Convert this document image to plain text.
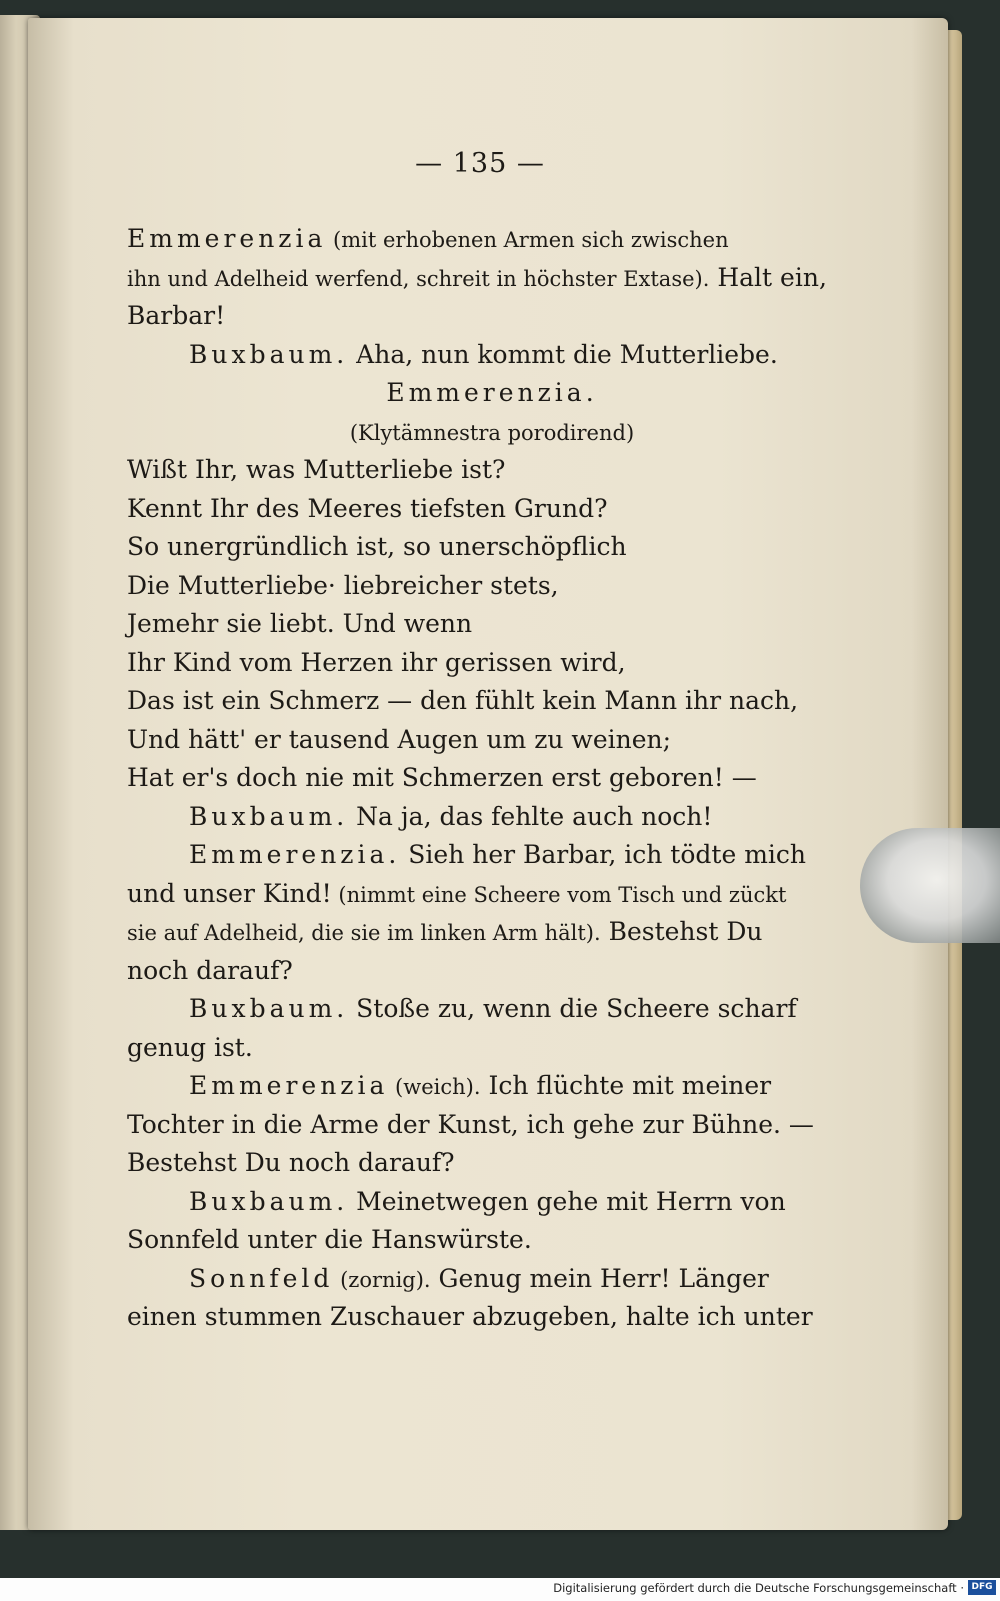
— 135 —
Emmerenzia (mit erhobenen Armen sich zwischen
ihn und Adelheid werfend, schreit in höchster Extase). Halt ein,
Barbar!
Buxbaum. Aha, nun kommt die Mutterliebe.
Emmerenzia.
(Klytämnestra porodirend)
Wißt Ihr, was Mutterliebe ist?
Kennt Ihr des Meeres tiefsten Grund?
So unergründlich ist, so unerschöpflich
Die Mutterliebe· liebreicher stets,
Jemehr sie liebt. Und wenn
Ihr Kind vom Herzen ihr gerissen wird,
Das ist ein Schmerz — den fühlt kein Mann ihr nach,
Und hätt' er tausend Augen um zu weinen;
Hat er's doch nie mit Schmerzen erst geboren! —
Buxbaum. Na ja, das fehlte auch noch!
Emmerenzia. Sieh her Barbar, ich tödte mich
und unser Kind! (nimmt eine Scheere vom Tisch und zückt
sie auf Adelheid, die sie im linken Arm hält). Bestehst Du
noch darauf?
Buxbaum. Stoße zu, wenn die Scheere scharf
genug ist.
Emmerenzia (weich). Ich flüchte mit meiner
Tochter in die Arme der Kunst, ich gehe zur Bühne. —
Bestehst Du noch darauf?
Buxbaum. Meinetwegen gehe mit Herrn von
Sonnfeld unter die Hanswürste.
Sonnfeld (zornig). Genug mein Herr! Länger
einen stummen Zuschauer abzugeben, halte ich unter
Digitalisierung gefördert durch die Deutsche Forschungsgemeinschaft · DFG
